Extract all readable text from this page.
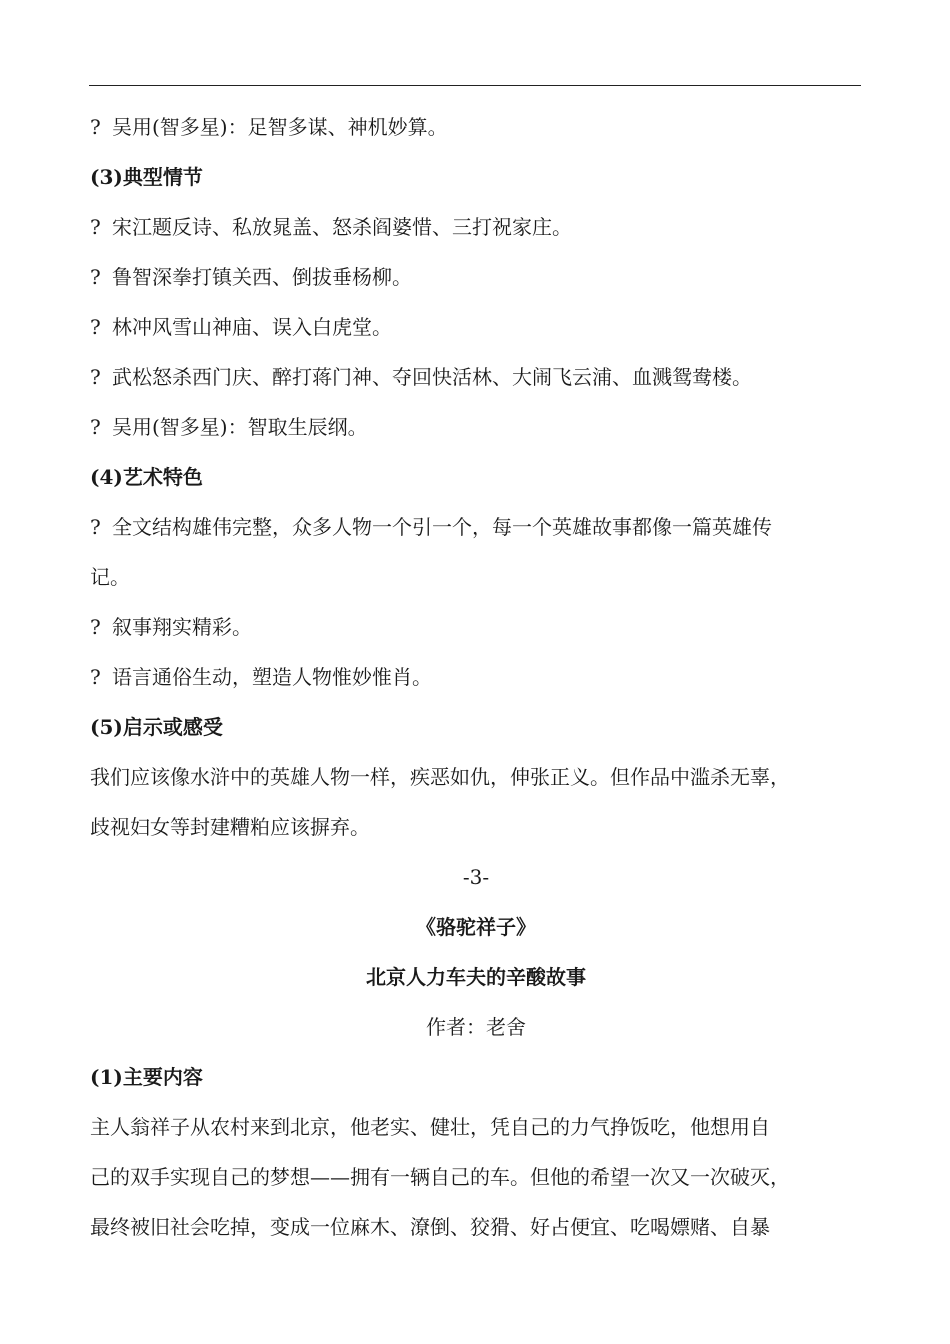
? 吴用(智多星)：足智多谋、神机妙算。
(3)典型情节
? 宋江题反诗、私放晁盖、怒杀阎婆惜、三打祝家庄。
? 鲁智深拳打镇关西、倒拔垂杨柳。
? 林冲风雪山神庙、误入白虎堂。
? 武松怒杀西门庆、醉打蒋门神、夺回快活林、大闹飞云浦、血溅鸳鸯楼。
? 吴用(智多星)：智取生辰纲。
(4)艺术特色
? 全文结构雄伟完整，众多人物一个引一个，每一个英雄故事都像一篇英雄传
记。
? 叙事翔实精彩。
? 语言通俗生动，塑造人物惟妙惟肖。
(5)启示或感受
我们应该像水浒中的英雄人物一样，疾恶如仇，伸张正义。但作品中滥杀无辜，
歧视妇女等封建糟粕应该摒弃。
-3-
《骆驼祥子》
北京人力车夫的辛酸故事
作者：老舍
(1)主要内容
主人翁祥子从农村来到北京，他老实、健壮，凭自己的力气挣饭吃，他想用自
己的双手实现自己的梦想——拥有一辆自己的车。但他的希望一次又一次破灭，
最终被旧社会吃掉，变成一位麻木、潦倒、狡猾、好占便宜、吃喝嫖赌、自暴
